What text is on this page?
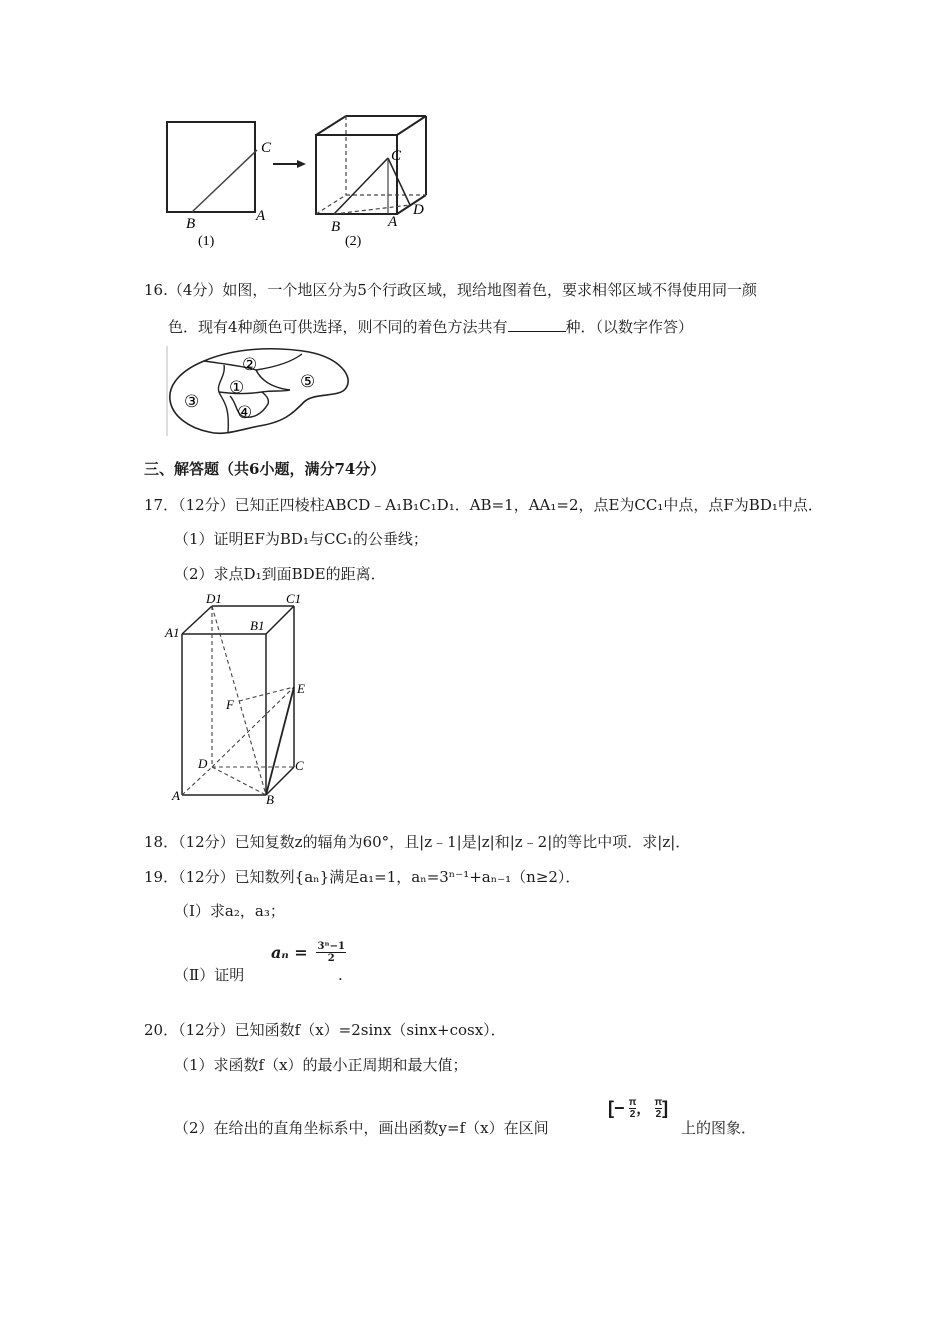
C
B	A
(1)
C
B	A
D
(2)
16.（4分）如图，一个地区分为5个行政区域，现给地图着色，要求相邻区域不得使用同一颜
色．现有4种颜色可供选择，则不同的着色方法共有	种．（以数字作答）
①
②
③
④
⑤
三、解答题（共6小题，满分74分）
17．（12分）已知正四棱柱ABCD﹣A₁B₁C₁D₁．AB=1，AA₁=2，点E为CC₁中点，点F为BD₁中点．
（1）证明EF为BD₁与CC₁的公垂线；
（2）求点D₁到面BDE的距离．
D1	C1
A1	B1
E
F
D	C
A	B
18．（12分）已知复数z的辐角为60°，且|z﹣1|是|z|和|z﹣2|的等比中项．求|z|．
19．（12分）已知数列{aₙ}满足a₁=1，aₙ=3ⁿ⁻¹+aₙ₋₁（n≥2）．
（Ⅰ）求a₂，a₃；
（Ⅱ）证明
$a_n = \frac{\text{3ⁿ−1}}{2}$
.
20．（12分）已知函数f（x）=2sinx（sinx+cosx）．
（1）求函数f（x）的最小正周期和最大值；
（2）在给出的直角坐标系中，画出函数y=f（x）在区间
[− $\frac{\pi}{2}$ ， $\frac{\pi}{2}$ ]
上的图象．
